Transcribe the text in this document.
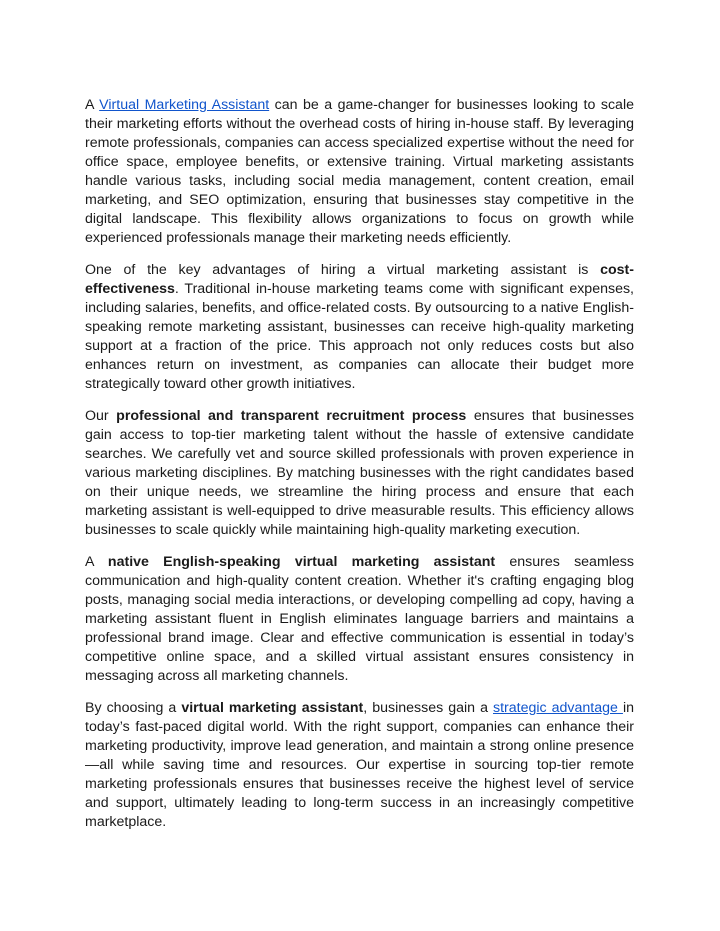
A Virtual Marketing Assistant can be a game-changer for businesses looking to scale their marketing efforts without the overhead costs of hiring in-house staff. By leveraging remote professionals, companies can access specialized expertise without the need for office space, employee benefits, or extensive training. Virtual marketing assistants handle various tasks, including social media management, content creation, email marketing, and SEO optimization, ensuring that businesses stay competitive in the digital landscape. This flexibility allows organizations to focus on growth while experienced professionals manage their marketing needs efficiently.

One of the key advantages of hiring a virtual marketing assistant is cost-effectiveness. Traditional in-house marketing teams come with significant expenses, including salaries, benefits, and office-related costs. By outsourcing to a native English-speaking remote marketing assistant, businesses can receive high-quality marketing support at a fraction of the price. This approach not only reduces costs but also enhances return on investment, as companies can allocate their budget more strategically toward other growth initiatives.

Our professional and transparent recruitment process ensures that businesses gain access to top-tier marketing talent without the hassle of extensive candidate searches. We carefully vet and source skilled professionals with proven experience in various marketing disciplines. By matching businesses with the right candidates based on their unique needs, we streamline the hiring process and ensure that each marketing assistant is well-equipped to drive measurable results. This efficiency allows businesses to scale quickly while maintaining high-quality marketing execution.

A native English-speaking virtual marketing assistant ensures seamless communication and high-quality content creation. Whether it's crafting engaging blog posts, managing social media interactions, or developing compelling ad copy, having a marketing assistant fluent in English eliminates language barriers and maintains a professional brand image. Clear and effective communication is essential in today’s competitive online space, and a skilled virtual assistant ensures consistency in messaging across all marketing channels.

By choosing a virtual marketing assistant, businesses gain a strategic advantage in today’s fast-paced digital world. With the right support, companies can enhance their marketing productivity, improve lead generation, and maintain a strong online presence—all while saving time and resources. Our expertise in sourcing top-tier remote marketing professionals ensures that businesses receive the highest level of service and support, ultimately leading to long-term success in an increasingly competitive marketplace.
